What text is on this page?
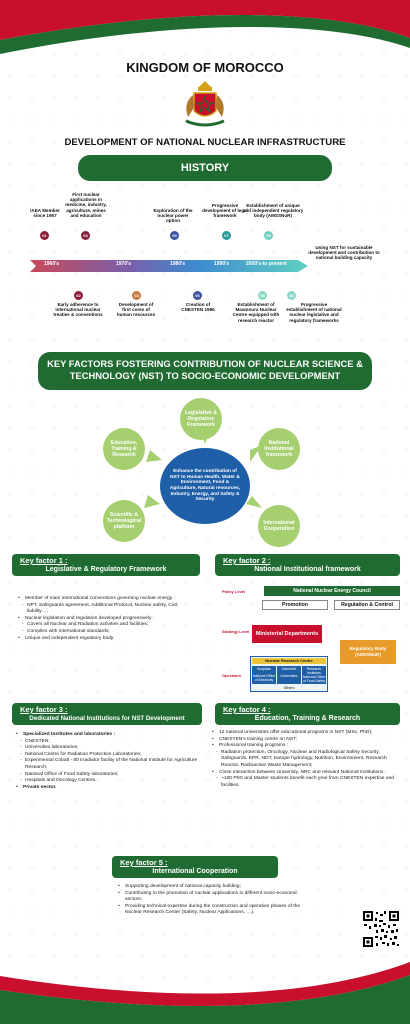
KINGDOM OF MOROCCO
DEVELOPMENT OF NATIONAL NUCLEAR INFRASTRUCTURE
HISTORY
1960's	1970's	1980's	1990's	2000's-to present
IAEA Member since 1957
01
First nuclear applications in medicine, industry, agriculture, mines and education
03
Exploration of the nuclear power option
05
Progressive development of legal framework
07
Establishment of unique and independent regulatory body (AMSSNuR)
09
Using NST for sustainable development and contribution to national building capacity
02
Early adherence to international nuclear treaties & conventions
04
Development of first cores of human resources
06
Creation of CNESTEN 1986
08
Establishment of Maamoura Nuclear Centre equipped with research reactor
10
Progressive establishment of national nuclear legislative and regulatory frameworks
KEY FACTORS FOSTERING CONTRIBUTION OF NUCLEAR SCIENCE & TECHNOLOGY (NST) TO SOCIO-ECONOMIC DEVELOPMENT
Legislative & Regulatory Framework
National Institutional framework
International Cooperation
Scientific & Technological platform
Education, Training & Research
Enhance the contribution of NST to Human Health, Water & Environment, Food & Agriculture, Natural resources, Industry, Energy, and Safety & Security
Key factor 1 :
Legislative & Regulatory Framework
• Member of main international conventions governing nuclear energy :
- NPT, Safeguards agreement, Additional Protocol, Nuclear safety, Civil liability…;
• Nuclear legislation and regulation developed progressively :
- Covers all Nuclear and Radiation activities and facilities;
- Complies with international standards;
• Unique and independent regulatory body.
Key factor 2 :
National Institutional framework
Policy Level	National Nuclear Energy Council
Promotion	Regulation & Control
Strategy Level	Ministerial Departments
Regulatory Body (AMSSNuR)
Operators
Nuclear Research Centre
Hospitals
National Office of Electricity
Industries
Universities
Research Institutes
National Office of Food Safety
Others
Key factor 3 :
Dedicated National Institutions for NST Development
• Specialized Institutes and laboratories :
- CNESTEN;
- Universities laboratories;
- National Centre for Radiation Protection Laboratories;
- Experimental Cobalt - 60 irradiator facility of the National Institute for Agriculture Research;
- National Office of Food Safety laboratories;
- Hospitals and Oncology Centres.
• Private sector.
Key factor 4 :
Education, Training & Research
• 12 national universities offer educational programs in NST (MSc, PhD);
• CNESTEN's training centre on NST;
• Professional training programs :
- Radiation protection, Oncology, Nuclear and Radiological Safety Security, Safeguards, EPR, NDT, Isotope hydrology, Nutrition, Environment, Research Reactor, Radioactive Waste Management;
• Close interaction between University, NRC and relevant National Institutions :
- ~100 PhD and Master students benefit each year from CNESTEN expertise and facilities.
Key factor 5 :
International Cooperation
• Supporting development of national capacity building;
• Contributing to the promotion of nuclear applications in different socio-economic sectors;
• Providing technical expertise during the construction and operation phases of the Nuclear Research Center (Safety, Nuclear Applications, …).
